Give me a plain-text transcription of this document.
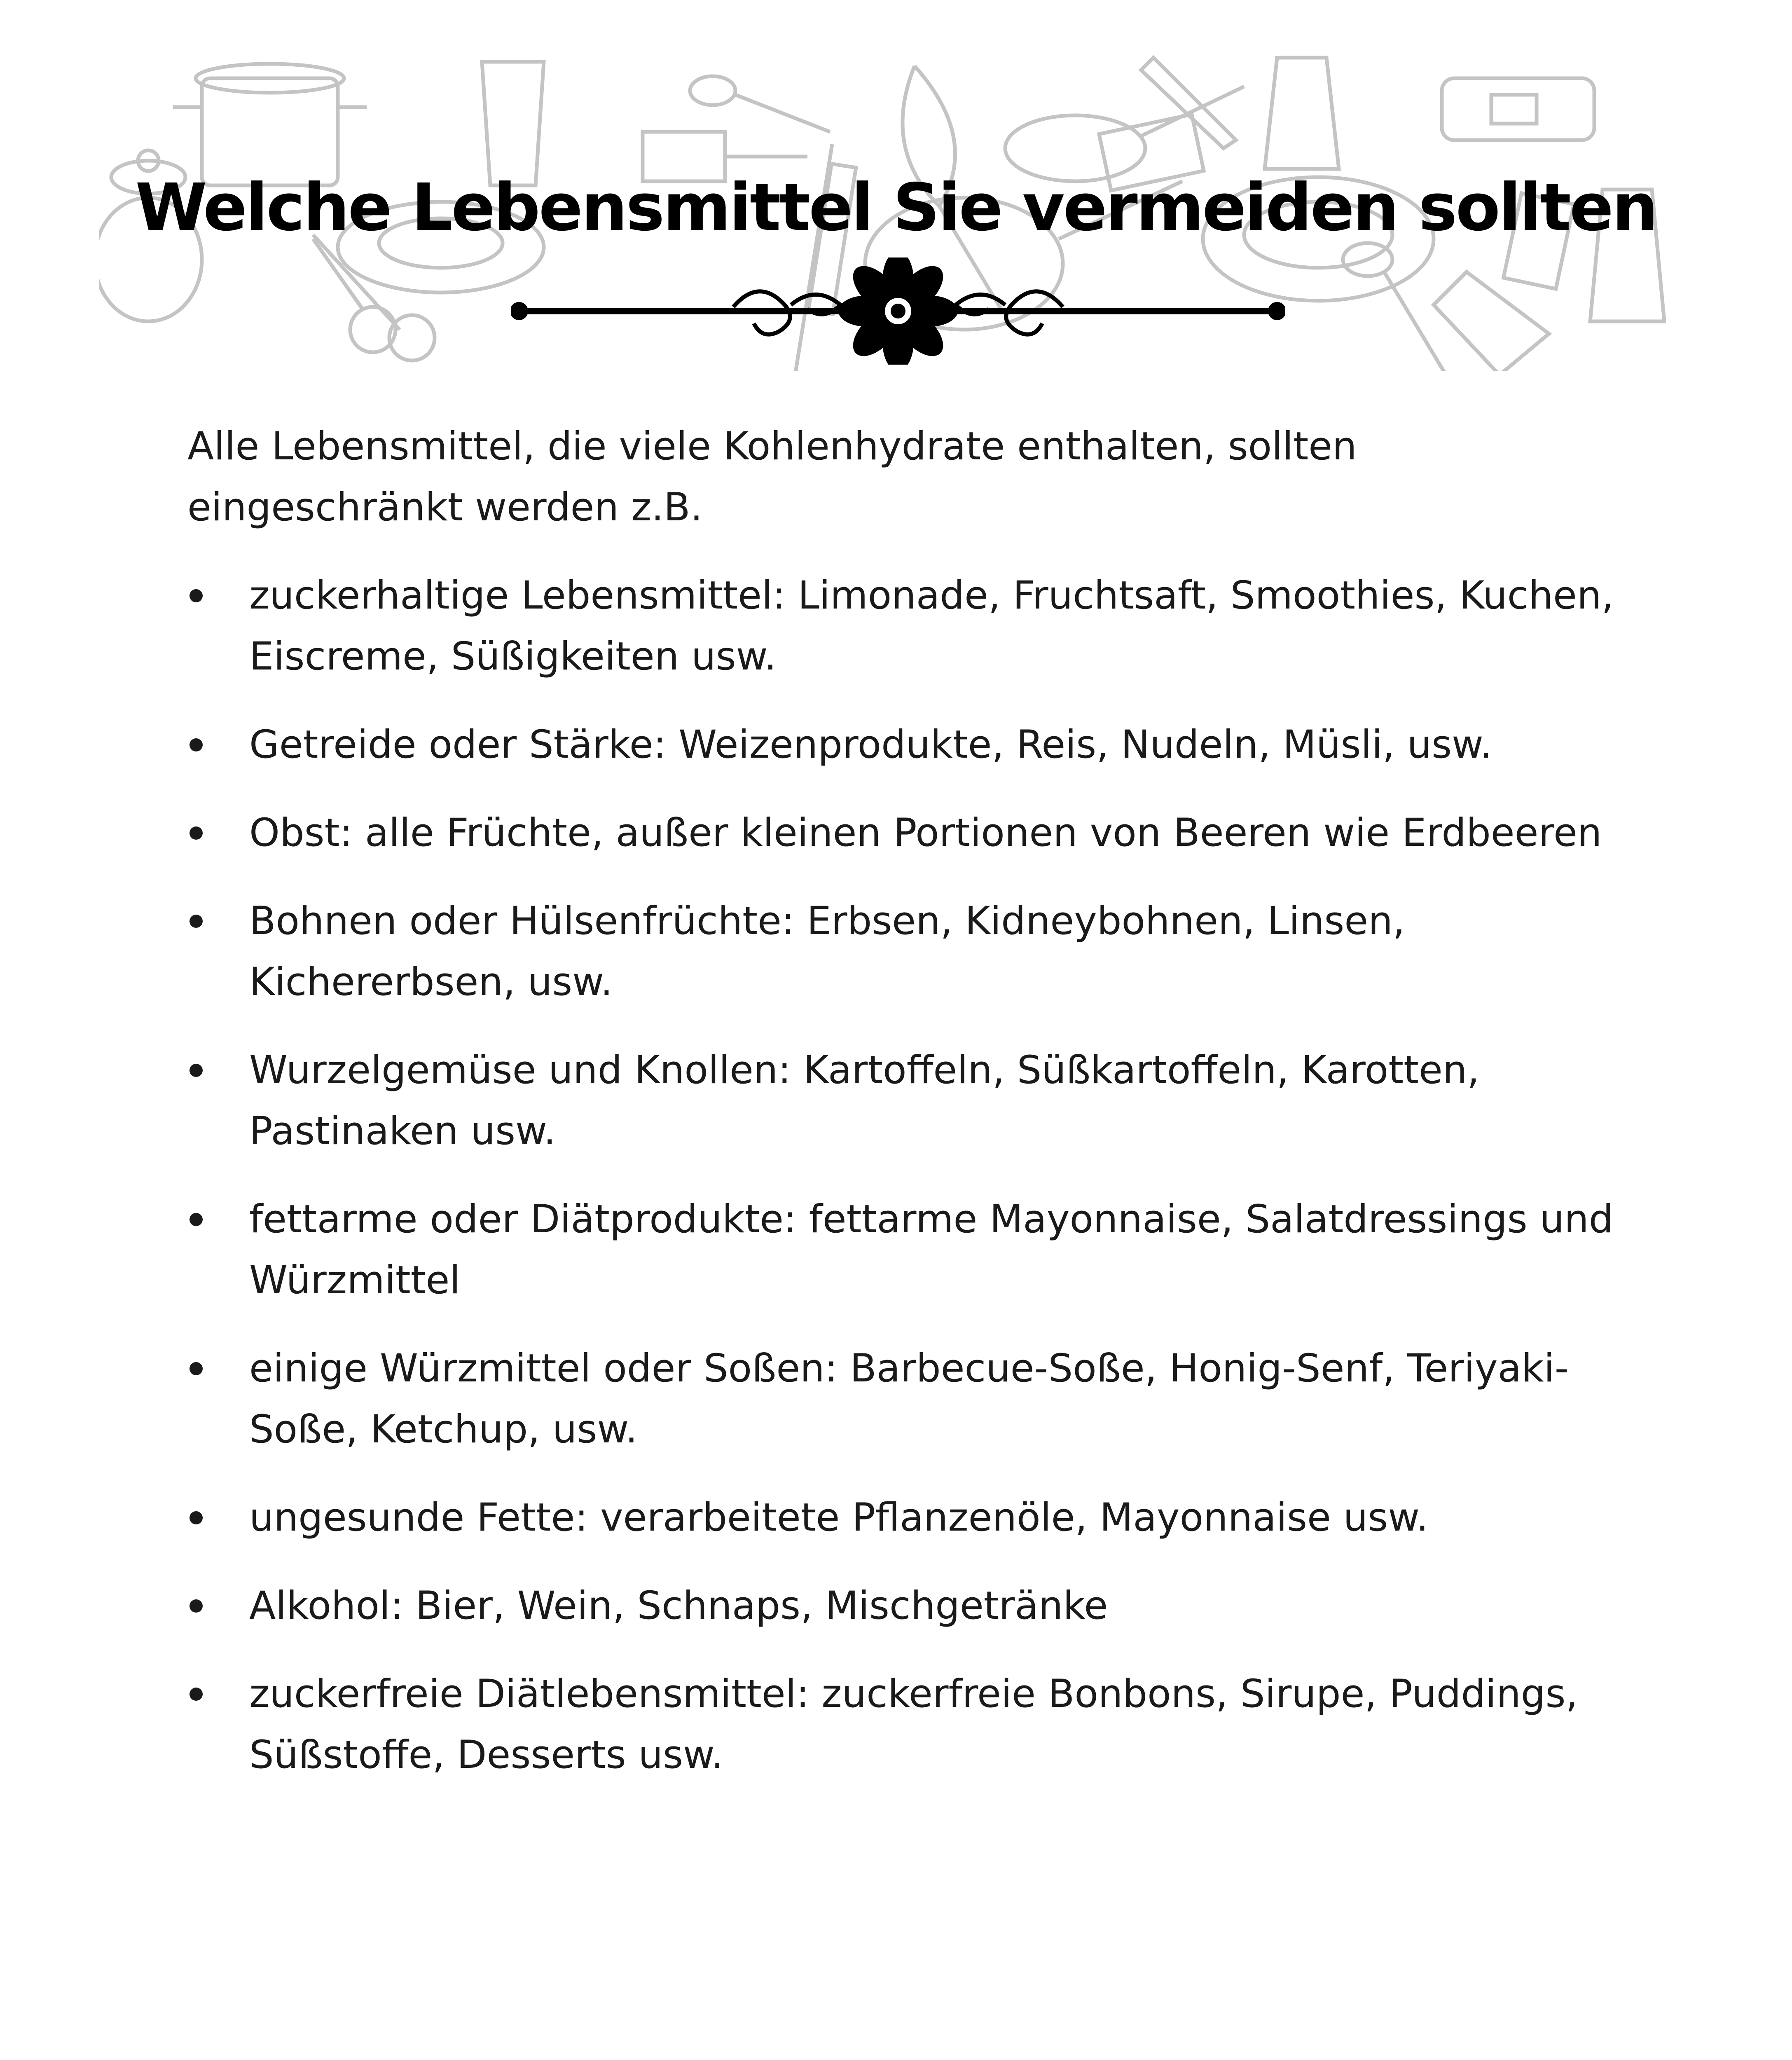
Welche Lebensmittel Sie vermeiden sollten

Alle Lebensmittel, die viele Kohlenhydrate enthalten, sollten eingeschränkt werden z.B.

zuckerhaltige Lebensmittel: Limonade, Fruchtsaft, Smoothies, Kuchen, Eiscreme, Süßigkeiten usw.
Getreide oder Stärke: Weizenprodukte, Reis, Nudeln, Müsli, usw.
Obst: alle Früchte, außer kleinen Portionen von Beeren wie Erdbeeren
Bohnen oder Hülsenfrüchte: Erbsen, Kidneybohnen, Linsen, Kichererbsen, usw.
Wurzelgemüse und Knollen: Kartoffeln, Süßkartoffeln, Karotten, Pastinaken usw.
fettarme oder Diätprodukte: fettarme Mayonnaise, Salatdressings und Würzmittel
einige Würzmittel oder Soßen: Barbecue-Soße, Honig-Senf, Teriyaki-Soße, Ketchup, usw.
ungesunde Fette: verarbeitete Pflanzenöle, Mayonnaise usw.
Alkohol: Bier, Wein, Schnaps, Mischgetränke
zuckerfreie Diätlebensmittel: zuckerfreie Bonbons, Sirupe, Puddings, Süßstoffe, Desserts usw.
